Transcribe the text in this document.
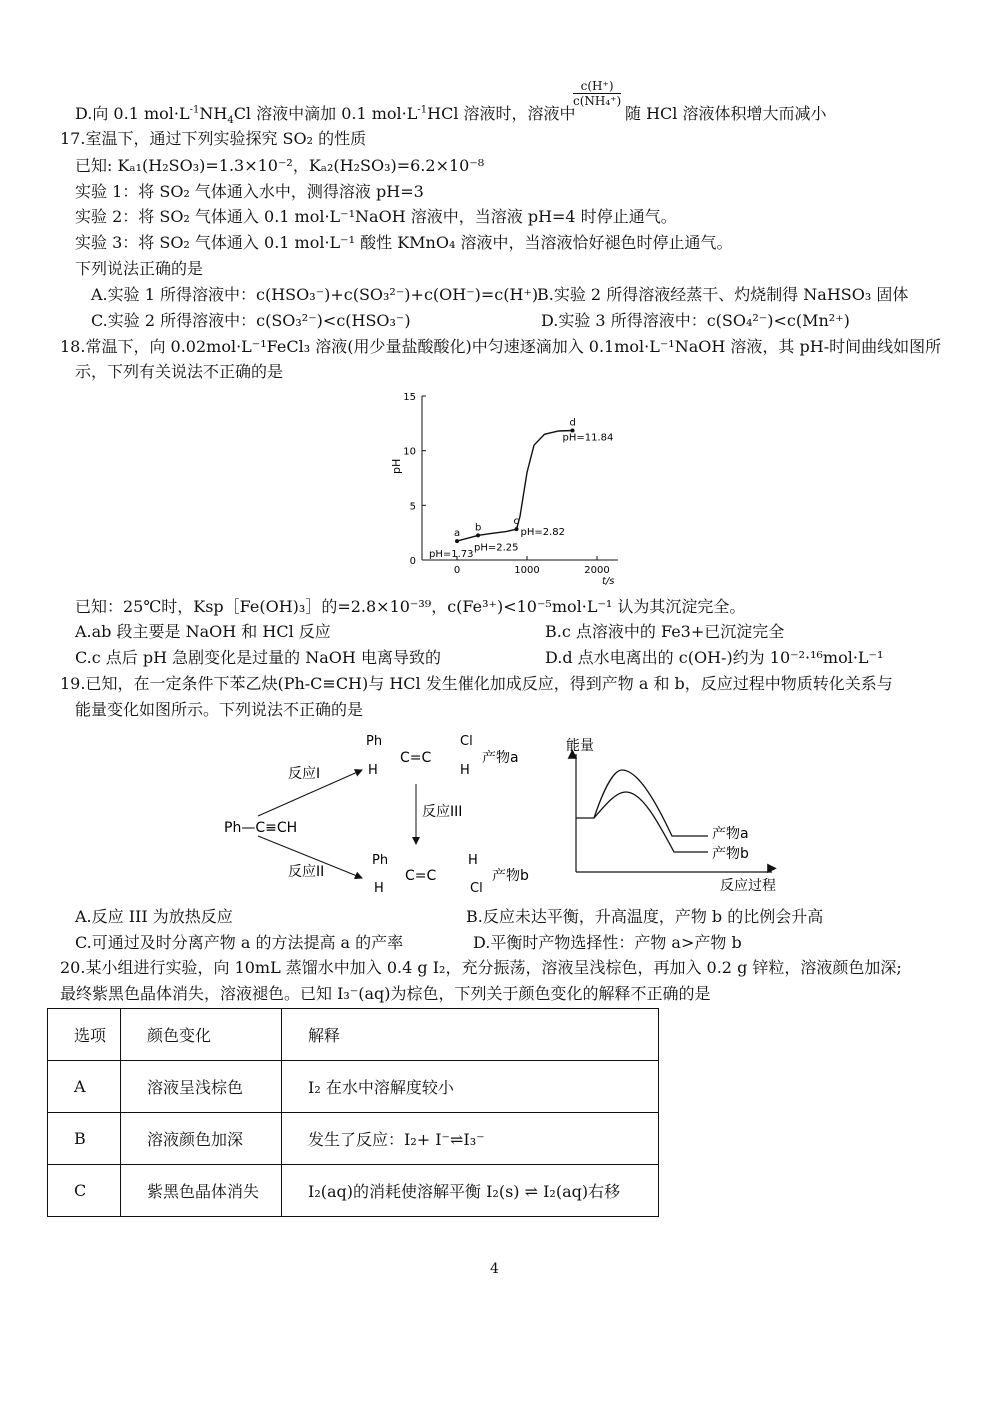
D.向 0.1 $mol\cdot L^{-1}NH_4Cl$ 溶液中滴加 0.1 $mol\cdot L^{-1}HCl$ 溶液时，溶液中
$\frac{c(H^+)}{\text{c(NH₄⁺)}}$
随 HCl 溶液体积增大而减小
17.室温下，通过下列实验探究 SO₂ 的性质
已知: Kₐ₁(H₂SO₃)=1.3×10⁻²，Kₐ₂(H₂SO₃)=6.2×10⁻⁸
实验 1：将 SO₂ 气体通入水中，测得溶液 pH=3
实验 2：将 SO₂ 气体通入 0.1 mol·L⁻¹NaOH 溶液中，当溶液 pH=4 时停止通气。
实验 3：将 SO₂ 气体通入 0.1 mol·L⁻¹ 酸性 KMnO₄ 溶液中，当溶液恰好褪色时停止通气。
下列说法正确的是
A.实验 1 所得溶液中：c(HSO₃⁻)+c(SO₃²⁻)+c(OH⁻)=c(H⁺)
B.实验 2 所得溶液经蒸干、灼烧制得 NaHSO₃ 固体
C.实验 2 所得溶液中：c(SO₃²⁻)<c(HSO₃⁻)	D.实验 3 所得溶液中：c(SO₄²⁻)<c(Mn²⁺)
18.常温下，向 0.02mol·L⁻¹FeCl₃ 溶液(用少量盐酸酸化)中匀速逐滴加入 0.1mol·L⁻¹NaOH 溶液，其 pH-时间曲线如图所
示，下列有关说法不正确的是
0
5
10
15
0	1000	2000
a
pH=1.73
b
pH=2.25
c
pH=2.82
d
pH=11.84
pH
t/s
已知：25℃时，Ksp［Fe(OH)₃］的=2.8×10⁻³⁹，c(Fe³⁺)<10⁻⁵mol·L⁻¹ 认为其沉淀完全。
A.ab 段主要是 NaOH 和 HCl 反应	B.c 点溶液中的 Fe3+已沉淀完全
C.c 点后 pH 急剧变化是过量的 NaOH 电离导致的	D.d 点水电离出的 c(OH-)约为 10⁻²·¹⁶mol·L⁻¹
19.已知，在一定条件下苯乙炔(Ph-C≡CH)与 HCl 发生催化加成反应，得到产物 a 和 b，反应过程中物质转化关系与
能量变化如图所示。下列说法不正确的是
Ph—C≡CH
反应I
反应II
反应III
Ph
H
C=C
Cl
H
产物a
Ph
H
C=C
H
Cl
产物b
能量
反应过程
产物a
产物b
A.反应 III 为放热反应	B.反应未达平衡，升高温度，产物 b 的比例会升高
C.可通过及时分离产物 a 的方法提高 a 的产率	D.平衡时产物选择性：产物 a>产物 b
20.某小组进行实验，向 10mL 蒸馏水中加入 0.4 g I₂，充分振荡，溶液呈浅棕色，再加入 0.2 g 锌粒，溶液颜色加深;
最终紫黑色晶体消失，溶液褪色。已知 I₃⁻(aq)为棕色，下列关于颜色变化的解释不正确的是
选项	颜色变化	解释
A	溶液呈浅棕色	I₂ 在水中溶解度较小
B	溶液颜色加深	发生了反应：I₂+ I⁻⇌I₃⁻
C	紫黑色晶体消失	I₂(aq)的消耗使溶解平衡 I₂(s) ⇌ I₂(aq)右移
4
